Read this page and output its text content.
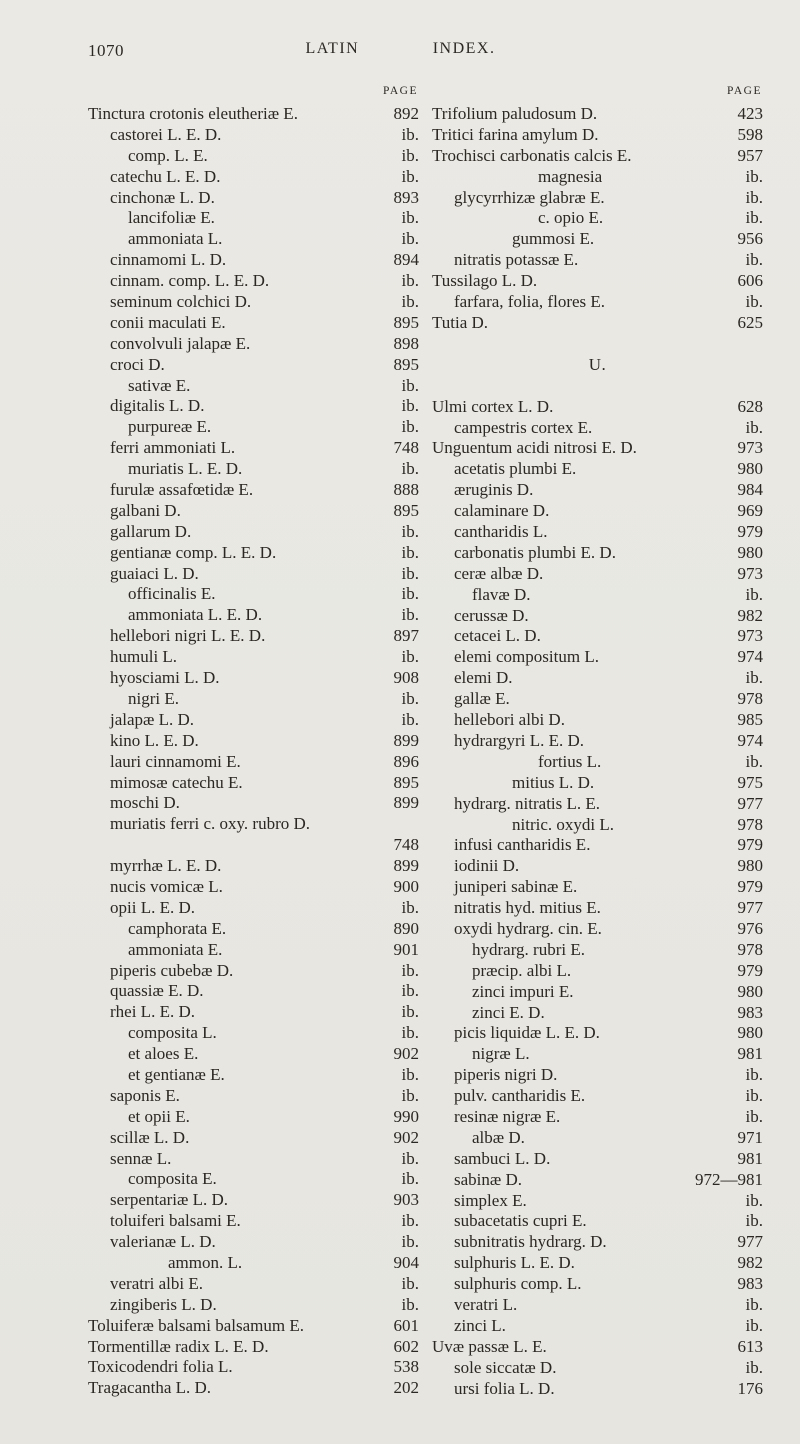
1070	LATIN INDEX.
PAGE
Tinctura crotonis eleutheriæ E.	892
castorei L. E. D.	ib.
comp. L. E.	ib.
catechu L. E. D.	ib.
cinchonæ L. D.	893
lancifoliæ E.	ib.
ammoniata L.	ib.
cinnamomi L. D.	894
cinnam. comp. L. E. D.	ib.
seminum colchici D.	ib.
conii maculati E.	895
convolvuli jalapæ E.	898
croci D.	895
sativæ E.	ib.
digitalis L. D.	ib.
purpureæ E.	ib.
ferri ammoniati L.	748
muriatis L. E. D.	ib.
furulæ assafœtidæ E.	888
galbani D.	895
gallarum D.	ib.
gentianæ comp. L. E. D.	ib.
guaiaci L. D.	ib.
officinalis E.	ib.
ammoniata L. E. D.	ib.
hellebori nigri L. E. D.	897
humuli L.	ib.
hyosciami L. D.	908
nigri E.	ib.
jalapæ L. D.	ib.
kino L. E. D.	899
lauri cinnamomi E.	896
mimosæ catechu E.	895
moschi D.	899
muriatis ferri c. oxy. rubro D.
748
myrrhæ L. E. D.	899
nucis vomicæ L.	900
opii L. E. D.	ib.
camphorata E.	890
ammoniata E.	901
piperis cubebæ D.	ib.
quassiæ E. D.	ib.
rhei L. E. D.	ib.
composita L.	ib.
et aloes E.	902
et gentianæ E.	ib.
saponis E.	ib.
et opii E.	990
scillæ L. D.	902
sennæ L.	ib.
composita E.	ib.
serpentariæ L. D.	903
toluiferi balsami E.	ib.
valerianæ L. D.	ib.
ammon. L.	904
veratri albi E.	ib.
zingiberis L. D.	ib.
Toluiferæ balsami balsamum E.	601
Tormentillæ radix L. E. D.	602
Toxicodendri folia L.	538
Tragacantha L. D.	202
PAGE
Trifolium paludosum D.	423
Tritici farina amylum D.	598
Trochisci carbonatis calcis E.	957
magnesia	ib.
glycyrrhizæ glabræ E.	ib.
c. opio E.	ib.
gummosi E.	956
nitratis potassæ E.	ib.
Tussilago L. D.	606
farfara, folia, flores E.	ib.
Tutia D.	625
U.
Ulmi cortex L. D.	628
campestris cortex E.	ib.
Unguentum acidi nitrosi E. D.	973
acetatis plumbi E.	980
æruginis D.	984
calaminare D.	969
cantharidis L.	979
carbonatis plumbi E. D.	980
ceræ albæ D.	973
flavæ D.	ib.
cerussæ D.	982
cetacei L. D.	973
elemi compositum L.	974
elemi D.	ib.
gallæ E.	978
hellebori albi D.	985
hydrargyri L. E. D.	974
fortius L.	ib.
mitius L. D.	975
hydrarg. nitratis L. E.	977
nitric. oxydi L.	978
infusi cantharidis E.	979
iodinii D.	980
juniperi sabinæ E.	979
nitratis hyd. mitius E.	977
oxydi hydrarg. cin. E.	976
hydrarg. rubri E.	978
præcip. albi L.	979
zinci impuri E.	980
zinci E. D.	983
picis liquidæ L. E. D.	980
nigræ L.	981
piperis nigri D.	ib.
pulv. cantharidis E.	ib.
resinæ nigræ E.	ib.
albæ D.	971
sambuci L. D.	981
sabinæ D.	972—981
simplex E.	ib.
subacetatis cupri E.	ib.
subnitratis hydrarg. D.	977
sulphuris L. E. D.	982
sulphuris comp. L.	983
veratri L.	ib.
zinci L.	ib.
Uvæ passæ L. E.	613
sole siccatæ D.	ib.
ursi folia L. D.	176
